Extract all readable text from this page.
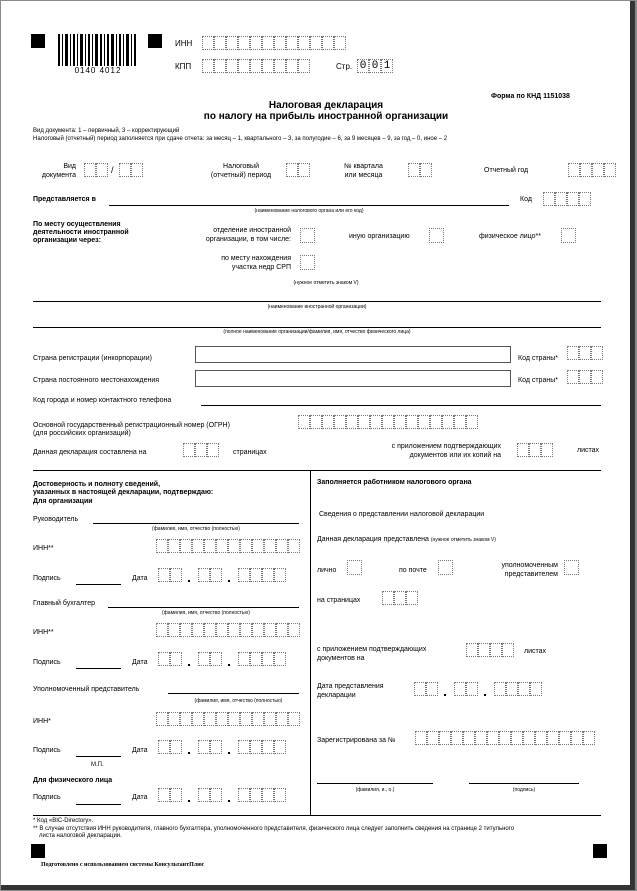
0140 4012
ИНН
КПП	Стр. 0 0 1
Форма по КНД 1151038
Налоговая декларация
по налогу на прибыль иностранной организации
Вид документа: 1 – первичный, 3 – корректирующий
Налоговый (отчетный) период заполняется при сдаче отчета: за месяц – 1, квартального – 3, за полугодие – 6, за 9 месяцев – 9, за год – 0, иное – 2
Вид
документа
/	Налоговый
(отчетный) период
№ квартала
или месяца
Отчетный год
Представляется в
(наименование налогового органа или его код)
Код
По месту осуществления
деятельности иностранной
организации через:
отделение иностранной
организации, в том числе:	иную организацию	физическое лицо**
по месту нахождения
участка недр СРП
(нужное отметить знаком V)
(наименование иностранной организации)
(полное наименование организации/фамилия, имя, отчество физического лица)
Страна регистрации (инкорпорации)	Код страны*
Страна постоянного местонахождения	Код страны*
Код города и номер контактного телефона
Основной государственный регистрационный номер (ОГРН)
(для российских организаций)
Данная декларация составлена на	страницах
с приложением подтверждающих
документов или их копий на
листах
Достоверность и полноту сведений,
указанных в настоящей декларации, подтверждаю:
Для организации
Руководитель
(фамилия, имя, отчество (полностью)
ИНН**
Подпись	Дата
Главный бухгалтер
(фамилия, имя, отчество (полностью)
ИНН**
Подпись	Дата
Уполномоченный представитель
(фамилия, имя, отчество (полностью)
ИНН*
Подпись	Дата
М.П.
Для физического лица
Подпись	Дата
Заполняется работником налогового органа
Сведения о представлении налоговой декларации
Данная декларация представлена (нужное отметить знаком V)
лично	по почте
уполномоченным
представителем
на страницах
с приложением подтверждающих
документов на
листах
Дата представления
декларации
Зарегистрирована за №
(фамилия, и., о.)	(подпись)
* Код «BIC-Directory».
** В случае отсутствия ИНН руководителя, главного бухгалтера, уполномоченного представителя, физического лица следует заполнить сведения на странице 2 титульного
листа налоговой декларации.
Подготовлено с использованием системы КонсультантПлюс
